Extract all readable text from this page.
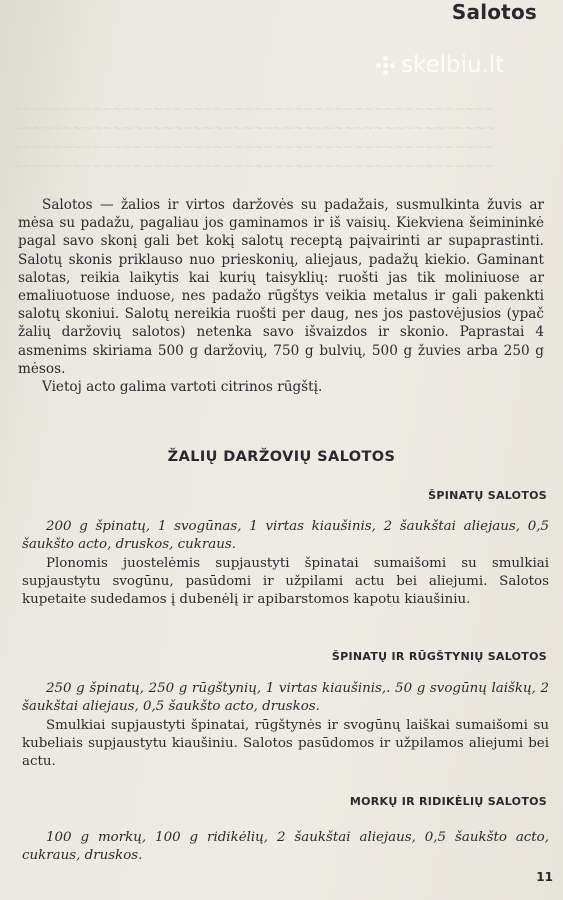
~~~~~~~~~~~~~~~~~~~~~~~~~~~~~~~~~~~~~~~~~~~~~~~~
~~~~~~~~~~~~~~~~~~~~~~~~~~~~~~~~~~~~~~~~~~~~~~~~
~~~~~~~~~~~~~~~~~~~~~~~~~~~~~~~~~~~~~~~~~~~~~~~~
~~~~~~~~~~~~~~~~~~~~~~~~~~~~~~~~~~~~~~~~~~~~~~~~
Salotos
skelbiu.lt

Salotos — žalios ir virtos daržovės su padažais, susmulkinta žuvis ar mėsa su padažu, pagaliau jos gaminamos ir iš vaisių. Kiekviena šeimininkė pagal savo skonį gali bet kokį salotų receptą paįvairinti ar supaprastinti. Salotų skonis priklauso nuo prieskonių, aliejaus, padažų kiekio. Gaminant salotas, reikia laikytis kai kurių taisyklių: ruošti jas tik moliniuose ar emaliuotuose induose, nes padažo rūgštys veikia metalus ir gali pakenkti salotų skoniui. Salotų nereikia ruošti per daug, nes jos pastovėjusios (ypač žalių daržovių salotos) netenka savo išvaizdos ir skonio. Paprastai 4 asmenims skiriama 500 g daržovių, 750 g bulvių, 500 g žuvies arba 250 g mėsos.

Vietoj acto galima vartoti citrinos rūgštį.

ŽALIŲ DARŽOVIŲ SALOTOS
ŠPINATŲ SALOTOS

200 g špinatų, 1 svogūnas, 1 virtas kiaušinis, 2 šaukštai aliejaus, 0,5 šaukšto acto, druskos, cukraus.

Plonomis juostelėmis supjaustyti špinatai sumaišomi su smulkiai supjaustytu svogūnu, pasūdomi ir užpilami actu bei aliejumi. Salotos kupetaite sudedamos į dubenėlį ir apibarstomos kapotu kiaušiniu.

ŠPINATŲ IR RŪGŠTYNIŲ SALOTOS

250 g špinatų, 250 g rūgštynių, 1 virtas kiaušinis,. 50 g svogūnų laiškų, 2 šaukštai aliejaus, 0,5 šaukšto acto, druskos.

Smulkiai supjaustyti špinatai, rūgštynės ir svogūnų laiškai sumaišomi su kubeliais supjaustytu kiaušiniu. Salotos pasūdomos ir užpilamos aliejumi bei actu.

MORKŲ IR RIDIKĖLIŲ SALOTOS

100 g morkų, 100 g ridikėlių, 2 šaukštai aliejaus, 0,5 šaukšto acto, cukraus, druskos.

11
